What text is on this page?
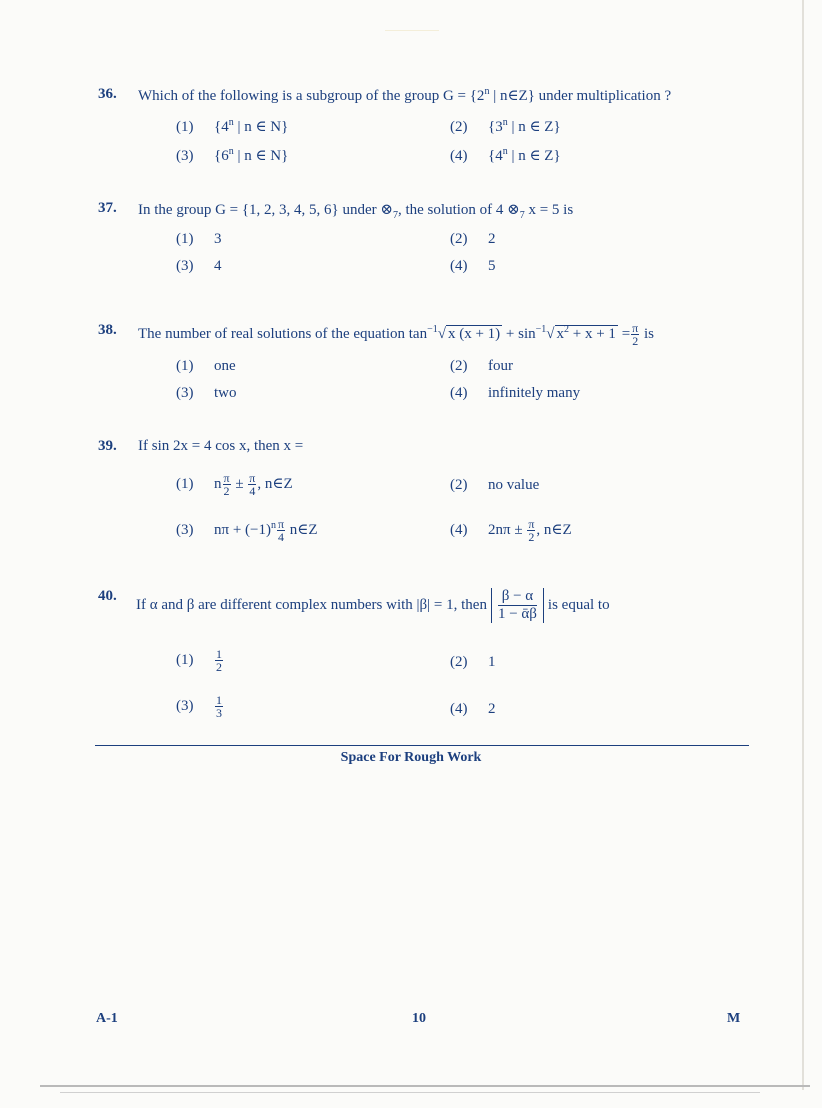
...........................
36. Which of the following is a subgroup of the group $G = \{2^n$ | n∈Z} under multiplication ?
(1) {4$^n$ | n ∈ N}	(2) {3$^n$ | n ∈ Z}
(3) {6$^n$ | n ∈ N}	(4) {4$^n$ | n ∈ Z}
37. In the group G = {1, 2, 3, 4, 5, 6} under $\otimes_7$, the solution of 4 $\otimes_7$ x = 5 is
(1) 3	(2) 2
(3) 4	(4) 5
38. The number of real solutions of the equation $\tan^{-1}√$ x $(x + 1) + \sin^{-1}√$ $x^2 + x + 1 = \frac{\pi}{2}$ is
(1) one	(2) four
(3) two	(4) infinitely many
39. If sin 2x = 4 cos x, then x =
(1) n $\frac{\pi}{2} \pm \frac{\pi}{4}$ , n∈Z	(2) no value
(3) $n\pi + (-1)^n \frac{\pi}{4}$ n∈Z	(4) $2n\pi \pm \frac{\pi}{2}$ , n∈Z
40.
If α and β are different complex numbers with |β| = 1, then $\frac{\beta - \alpha}{\text{1 − ᾱβ}}$ is equal to
$(1) \frac{1}{2}$	(2) 1
$(3) \frac{1}{3}$	(4) 2
Space For Rough Work
A-1	10	M
